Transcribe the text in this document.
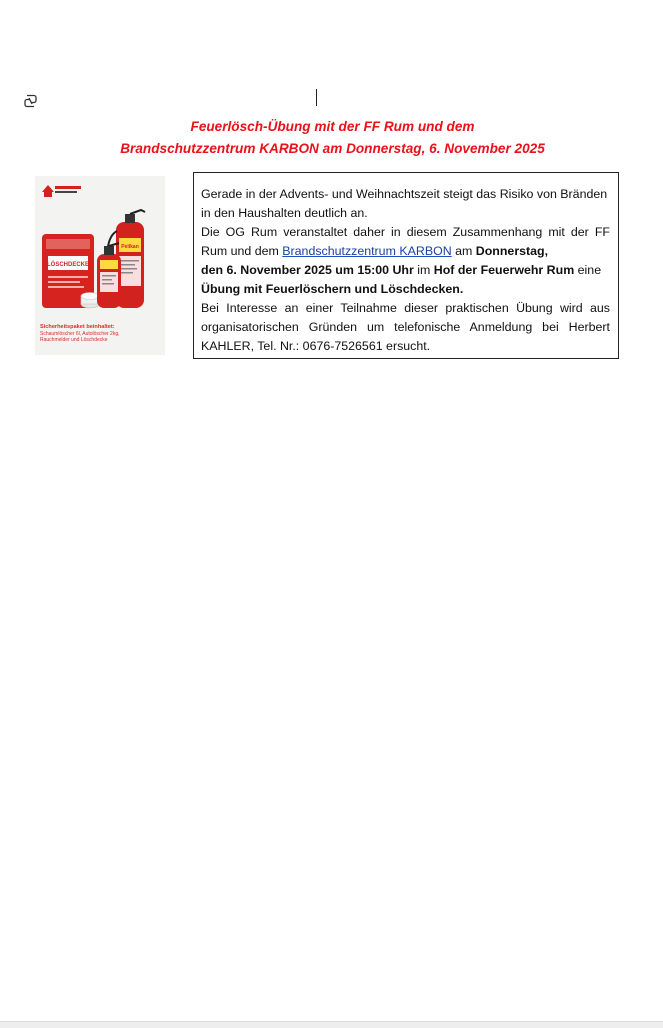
Feuerlösch-Übung mit der FF Rum und dem
Brandschutzzentrum KARBON am Donnerstag, 6. November 2025
LÖSCHDECKE
Pelikan
Sicherheitspaket beinhaltet:
Schaumlöscher 6l, Autolöscher 2kg,
Rauchmelder und Löschdecke

Gerade in der Advents- und Weihnachtszeit steigt das Risiko von Bränden in den Haushalten deutlich an.

Die OG Rum veranstaltet daher in diesem Zusammenhang mit der FF Rum und dem Brandschutzzentrum KARBON am Donnerstag,

den 6. November 2025 um 15:00 Uhr im Hof der Feuerwehr Rum eine

Übung mit Feuerlöschern und Löschdecken.

Bei Interesse an einer Teilnahme dieser praktischen Übung wird aus organisatorischen Gründen um telefonische Anmeldung bei Herbert KAHLER, Tel. Nr.: 0676-7526561 ersucht.
